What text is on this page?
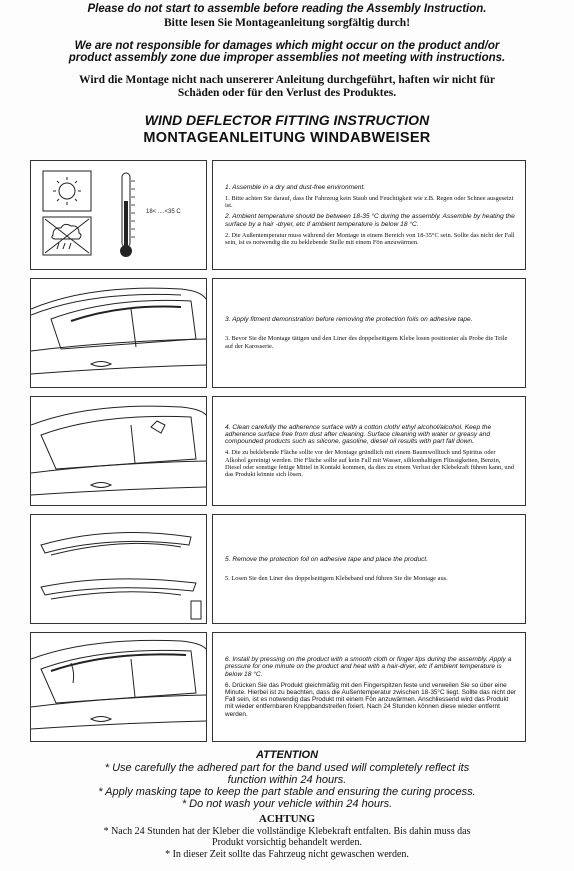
Please do not start to assemble before reading the Assembly Instruction.
Bitte lesen Sie Montageanleitung sorgfältig durch!
We are not responsible for damages which might occur on the product and/or
product assembly zone due improper assemblies not meeting with instructions.
Wird die Montage nicht nach unsererer Anleitung durchgeführt, haften wir nicht für
Schäden oder für den Verlust des Produktes.
WIND DEFLECTOR FITTING INSTRUCTION
MONTAGEANLEITUNG WINDABWEISER
18< ....<35 C
1. Assemble in a dry and dust-free environment.
1. Bitte achten Sie darauf, dass Ihr Fahrzeug kein Staub und Feuchtigkeit wie z.B. Regen oder Schnee ausgesetzt ist.
2. Ambient temperature should be between 18-35 °C during the assembly. Assemble by heating the surface by a hair -dryer, etc if ambient temperature is below 18 °C.
2. Die Außentemperatur muss während der Montage in einem Bereich von 18-35°C sein. Sollte das nicht der Fall sein, ist es notwendig die zu beklebende Stelle mit einem Fön anzuwärmen.
3. Apply fitment demonstration before removing the protection foils on adhesive tape.
3. Bevor Sie die Montage tätigen und den Liner des doppelseitigem Klebe losen positionier als Probe die Teile auf der Karosserie.
4. Clean carefully the adherence surface with a cotton cloth/ ethyl alcohol/alcohol. Keep the adherence surface free from dust after cleaning. Surface cleaning with water or greasy and compounded products such as silicone, gasoline, diesel oil results with part fall down.
4. Die zu beklebende Fläche sollte vor der Montage gründlich mit einem Baumwolltuch und Spiritus oder Alkohol gereinigt werden. Die Fläche sollte auf kein Fall mit Wasser, silikonhaltigen Flüssigkeiten, Benzin, Diesel oder sonstige fettige Mittel in Kontakt kommen, da dies zu einem Verlust der Klebekraft führen kann, und das Produkt könnte sich lösen.
5. Remove the protection foil on adhesive tape and place the product.
5. Losen Sie den Liner des doppelseitigem Klebeband und führen Sie die Montage aus.
6. Install by pressing on the product with a smooth cloth or finger tips during the assembly. Apply a pressure for one minute on the product and heat with a hair-dryer, etc if ambient temperature is below 18 °C.
6. Drücken Sie das Produkt gleichmäßig mit den Fingerspitzen feste und verweilen Sie so über eine Minute. Hierbei ist zu beachten, dass die Außentemperatur zwischen 18-35°C liegt. Sollte das nicht der Fall sein, ist es notwendig das Produkt mit einem Fön anzuwärmen. Anschliessend wird das Produkt mit wieder entfernbaren Kreppbandstreifen fixiert. Nach 24 Stunden können diese wieder entfernt werden.
ATTENTION
* Use carefully the adhered part for the band used will completely reflect its
function within 24 hours.
* Apply masking tape to keep the part stable and ensuring the curing process.
* Do not wash your vehicle within 24 hours.
ACHTUNG
* Nach 24 Stunden hat der Kleber die vollständige Klebekraft entfalten. Bis dahin muss das
Produkt vorsichtig behandelt werden.
* In dieser Zeit sollte das Fahrzeug nicht gewaschen werden.
